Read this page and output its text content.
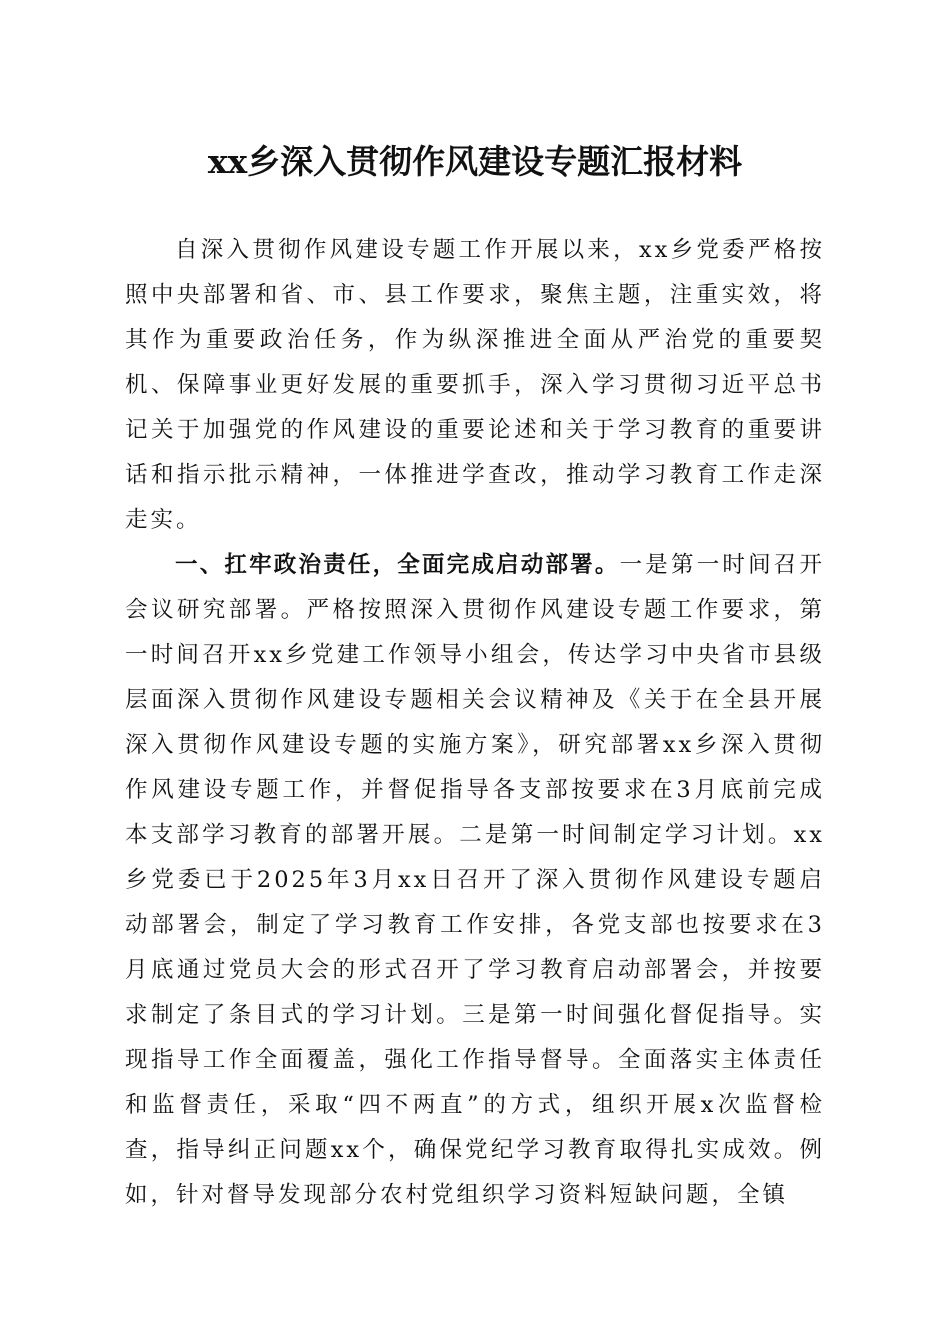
xx乡深入贯彻作风建设专题汇报材料

自深入贯彻作风建设专题工作开展以来，xx乡党委严格按照中央部署和省、市、县工作要求，聚焦主题，注重实效，将其作为重要政治任务，作为纵深推进全面从严治党的重要契机、保障事业更好发展的重要抓手，深入学习贯彻习近平总书记关于加强党的作风建设的重要论述和关于学习教育的重要讲话和指示批示精神，一体推进学查改，推动学习教育工作走深走实。

一、扛牢政治责任，全面完成启动部署。一是第一时间召开会议研究部署。严格按照深入贯彻作风建设专题工作要求，第一时间召开xx乡党建工作领导小组会，传达学习中央省市县级层面深入贯彻作风建设专题相关会议精神及《关于在全县开展深入贯彻作风建设专题的实施方案》，研究部署xx乡深入贯彻作风建设专题工作，并督促指导各支部按要求在3月底前完成本支部学习教育的部署开展。二是第一时间制定学习计划。xx乡党委已于2025年3月xx日召开了深入贯彻作风建设专题启动部署会，制定了学习教育工作安排，各党支部也按要求在3月底通过党员大会的形式召开了学习教育启动部署会，并按要求制定了条目式的学习计划。三是第一时间强化督促指导。实现指导工作全面覆盖，强化工作指导督导。全面落实主体责任和监督责任，采取“四不两直”的方式，组织开展x次监督检查，指导纠正问题xx个，确保党纪学习教育取得扎实成效。例如，针对督导发现部分农村党组织学习资料短缺问题，全镇
